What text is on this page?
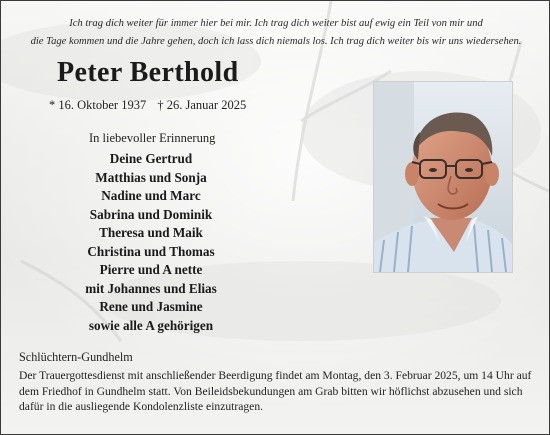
Ich trag dich weiter für immer hier bei mir. Ich trag dich weiter bist auf ewig ein Teil von mir und
die Tage kommen und die Jahre gehen, doch ich lass dich niemals los. Ich trag dich weiter bis wir uns wiedersehen.
Peter Berthold
* 16. Oktober 1937 † 26. Januar 2025
In liebevoller Erinnerung
Deine Gertrud
Matthias und Sonja
Nadine und Marc
Sabrina und Dominik
Theresa und Maik
Christina und Thomas
Pierre und A nette
mit Johannes und Elias
Rene und Jasmine
sowie alle A gehörigen
Schlüchtern-Gundhelm
Der Trauergottesdienst mit anschließender Beerdigung findet am Montag, den 3. Februar 2025, um 14 Uhr auf dem Friedhof in Gundhelm statt. Von Beileidsbekundungen am Grab bitten wir höflichst abzusehen und sich dafür in die ausliegende Kondolenzliste einzutragen.
